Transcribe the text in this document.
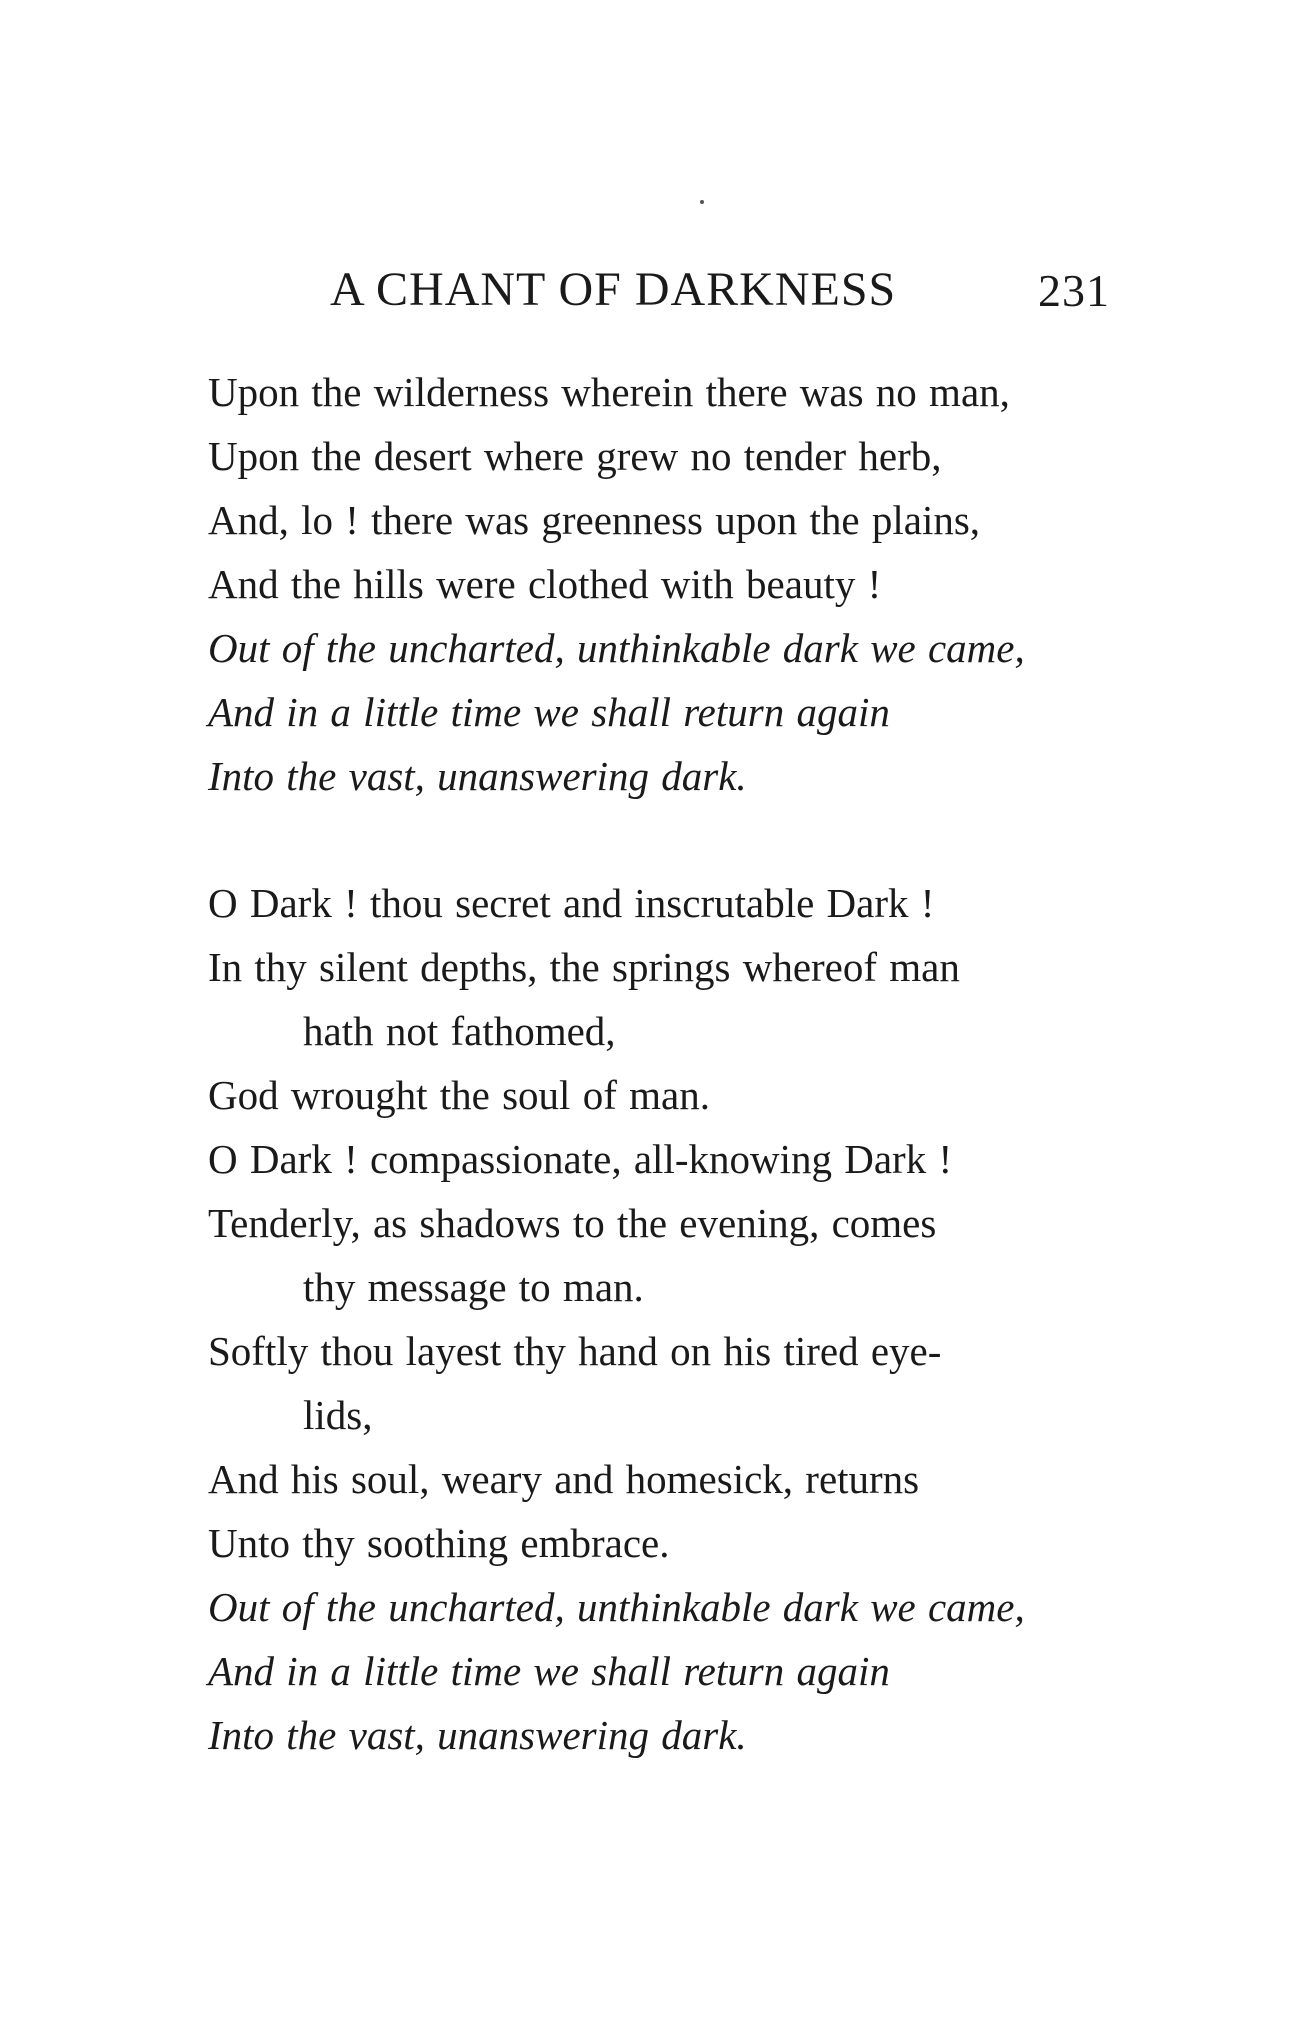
A CHANT OF DARKNESS	231

Upon the wilderness wherein there was no man,

Upon the desert where grew no tender herb,

And, lo ! there was greenness upon the plains,

And the hills were clothed with beauty !

Out of the uncharted, unthinkable dark we came,

And in a little time we shall return again

Into the vast, unanswering dark.

O Dark ! thou secret and inscrutable Dark !

In thy silent depths, the springs whereof man

hath not fathomed,

God wrought the soul of man.

O Dark ! compassionate, all-knowing Dark !

Tenderly, as shadows to the evening, comes

thy message to man.

Softly thou layest thy hand on his tired eye-

lids,

And his soul, weary and homesick, returns

Unto thy soothing embrace.

Out of the uncharted, unthinkable dark we came,

And in a little time we shall return again

Into the vast, unanswering dark.
